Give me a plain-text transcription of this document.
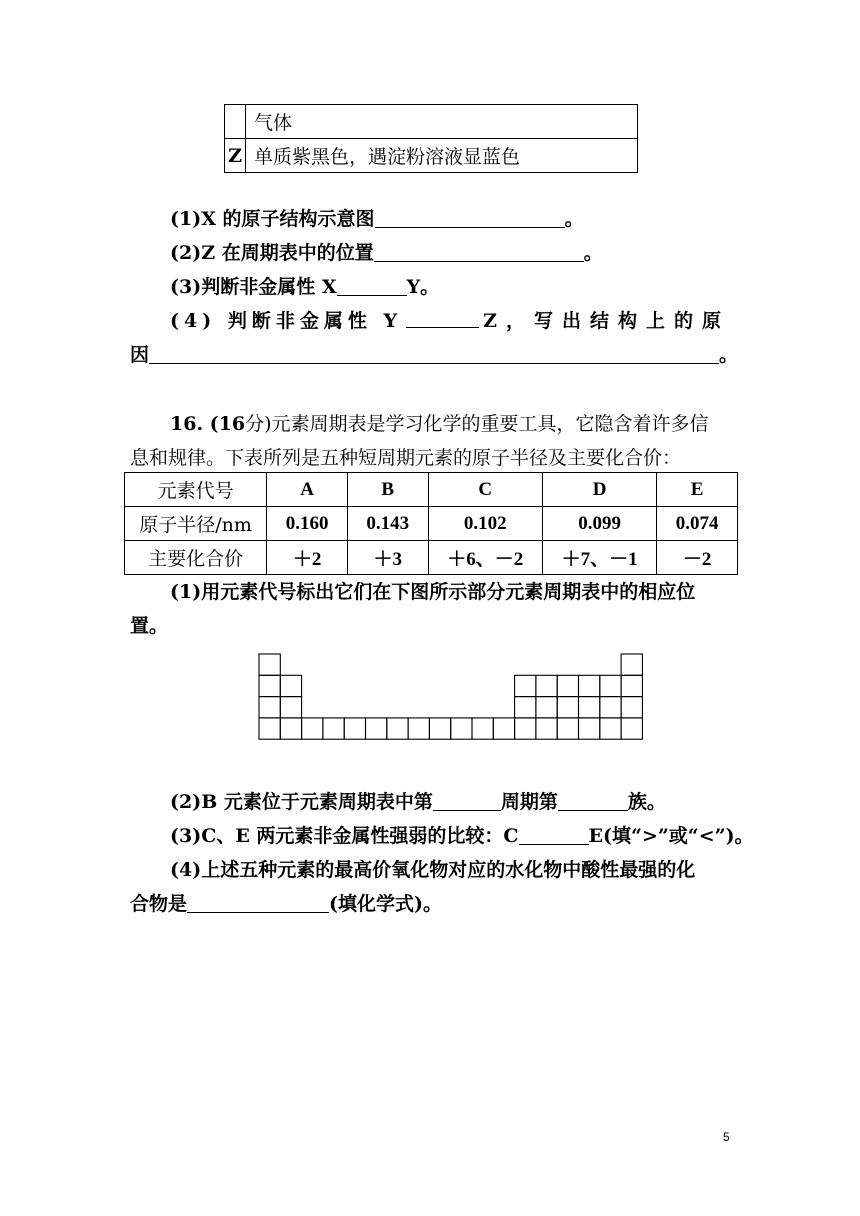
	气体
Z	单质紫黑色，遇淀粉溶液显蓝色
(1)X 的原子结构示意图	。
(2)Z 在周期表中的位置	。
(3)判断非金属性 X	Y。
(4) 判断非金属性 Y	Z，写出结构上的原
因	。
16. (16分)元素周期表是学习化学的重要工具，它隐含着许多信
息和规律。下表所列是五种短周期元素的原子半径及主要化合价：
元素代号	A	B	C	D	E
原子半径/nm	0.160	0.143	0.102	0.099	0.074
主要化合价	＋2	＋3	＋6、－2	＋7、－1	－2
(1)用元素代号标出它们在下图所示部分元素周期表中的相应位
置。
(2)B 元素位于元素周期表中第	周期第	族。
(3)C、E 两元素非金属性强弱的比较：C	E(填“>”或“<”)。
(4)上述五种元素的最高价氧化物对应的水化物中酸性最强的化
合物是	(填化学式)。
5
